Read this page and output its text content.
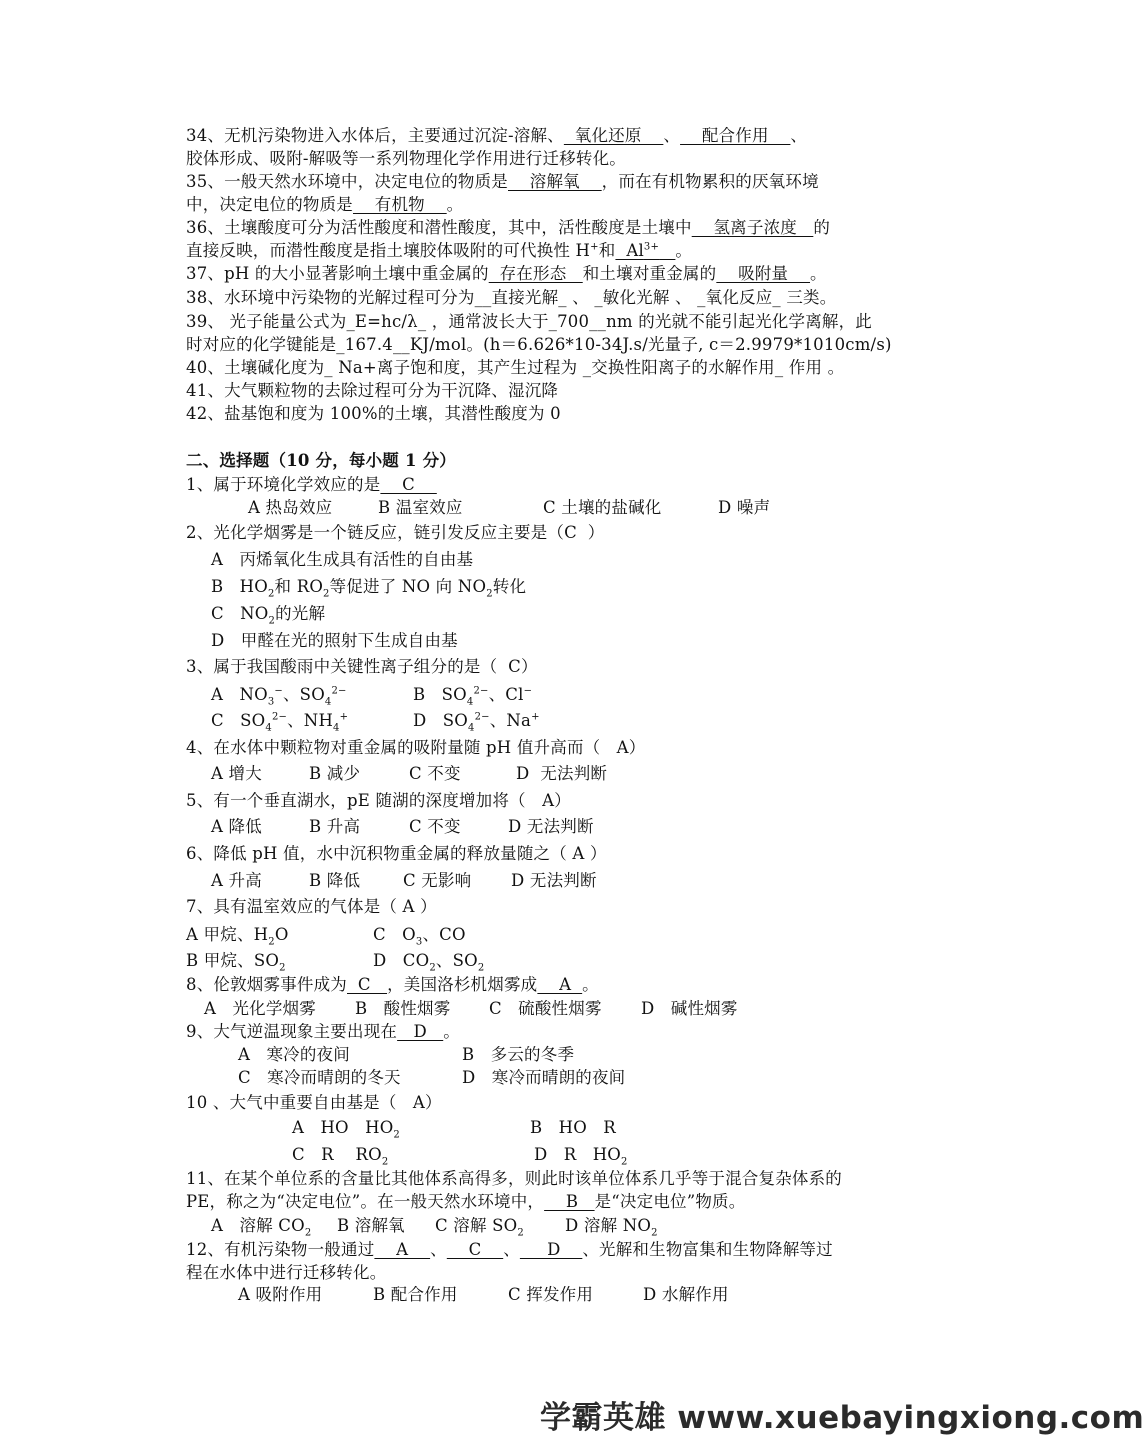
34、无机污染物进入水体后，主要通过沉淀-溶解、  氧化还原    、    配合作用    、
胶体形成、吸附-解吸等一系列物理化学作用进行迁移转化。
35、一般天然水环境中，决定电位的物质是    溶解氧    ，而在有机物累积的厌氧环境
中，决定电位的物质是    有机物    。
36、土壤酸度可分为活性酸度和潜性酸度，其中，活性酸度是土壤中    氢离子浓度   的
直接反映，而潜性酸度是指土壤胶体吸附的可代换性 H+和  $Al^{3+}$ 。
37、pH 的大小显著影响土壤中重金属的  存在形态   和土壤对重金属的    吸附量    。
38、水环境中污染物的光解过程可分为__直接光解_ 、 _敏化光解 、 _氧化反应_ 三类。
39、 光子能量公式为_E=hc/λ_ ，通常波长大于_700__nm 的光就不能引起光化学离解，此
时对应的化学键能是_167.4__KJ/mol。(h＝6.626*10-34J.s/光量子, c＝2.9979*1010cm/s)
40、土壤碱化度为_ Na+离子饱和度，其产生过程为 _交换性阳离子的水解作用_ 作用 。
41、大气颗粒物的去除过程可分为干沉降、湿沉降
42、盐基饱和度为 100%的土壤，其潜性酸度为 0
二、选择题（10 分，每小题 1 分）
1、属于环境化学效应的是    C
A 热岛效应	B 温室效应	C 土壤的盐碱化	D 噪声
2、光化学烟雾是一个链反应，链引发反应主要是（C  ）
A   丙烯氧化生成具有活性的自由基
B   $HO_2$和 $RO_2$等促进了 NO 向 $NO_2$转化
C   $NO_2$的光解
D   甲醛在光的照射下生成自由基
3、属于我国酸雨中关键性离子组分的是（  C）
A   $NO_3^-$、$SO_4^{2-}$	B   $SO_4^{2-}$、Cl−
C   $SO_4^{2-}$、$NH_4^+$	D   $SO_4^{2-}$、Na+
4、在水体中颗粒物对重金属的吸附量随 pH 值升高而（   A）
A 增大	B 减少	C 不变	D  无法判断
5、有一个垂直湖水，pE 随湖的深度增加将（   A）
A 降低	B 升高	C 不变	D 无法判断
6、降低 pH 值，水中沉积物重金属的释放量随之（ A ）
A 升高	B 降低	C 无影响 D 无法判断
7、具有温室效应的气体是（ A ）
A 甲烷、$H_2O$	C   $O_3$、CO
B 甲烷、$SO_2$	D   $CO_2$、$SO_2$
8、伦敦烟雾事件成为  C   ，美国洛杉机烟雾成    A  。
A   光化学烟雾 B   酸性烟雾 C   硫酸性烟雾 D   碱性烟雾
9、大气逆温现象主要出现在   D   。
A   寒冷的夜间	B   多云的冬季
C   寒冷而晴朗的冬天	D   寒冷而晴朗的夜间
10 、大气中重要自由基是（   A）
A   HO   $HO_2$	B   HO   R
C   R    $RO_2$	D   R   $HO_2$
11、在某个单位系的含量比其他体系高得多，则此时该单位体系几乎等于混合复杂体系的
PE，称之为“决定电位”。在一般天然水环境中，    B   是“决定电位”物质。
A   溶解 $CO_2$ B 溶解氧 C 溶解 $SO_2$ D 溶解 $NO_2$
12、有机污染物一般通过    A    、    C    、     D    、光解和生物富集和生物降解等过
程在水体中进行迁移转化。
A 吸附作用	B 配合作用	C 挥发作用	D 水解作用
学霸英雄 www.xuebayingxiong.com
